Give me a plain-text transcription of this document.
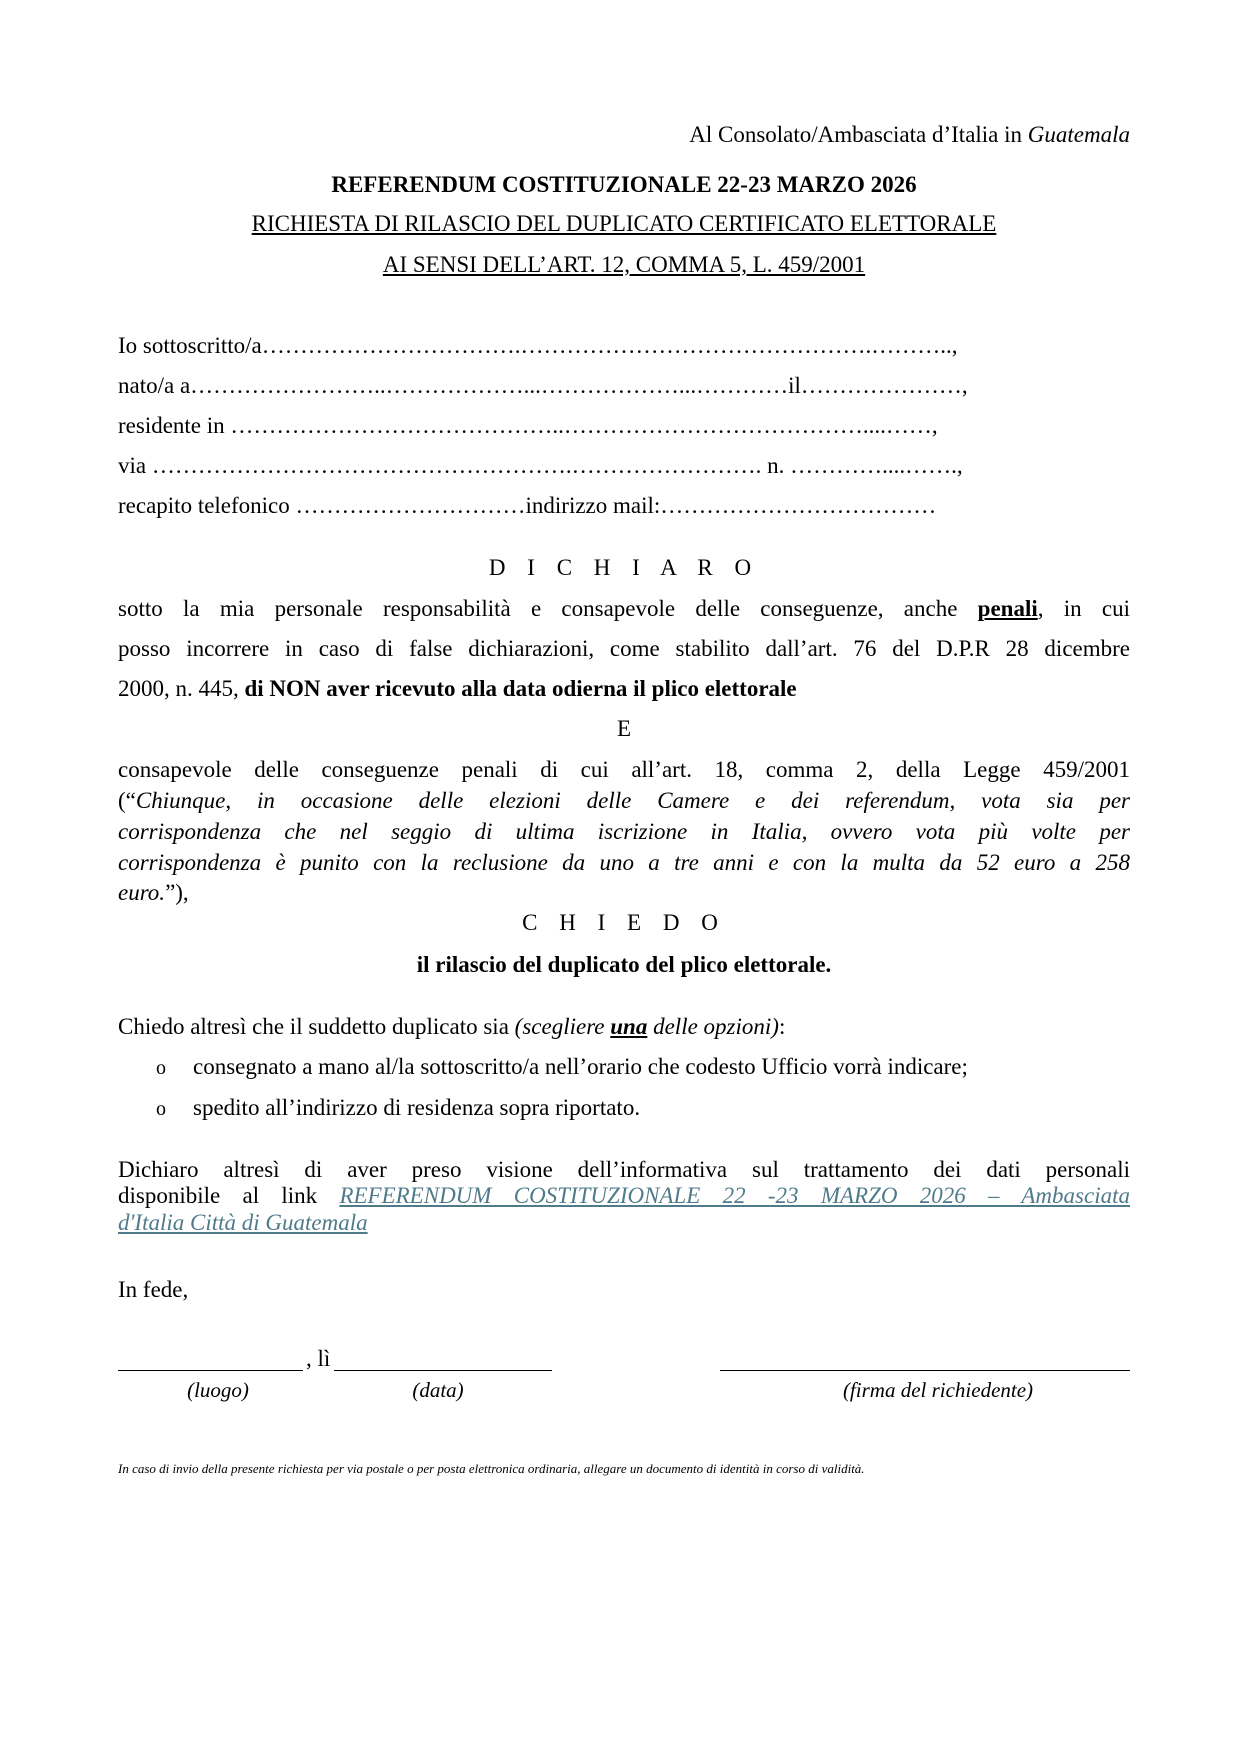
Al Consolato/Ambasciata d’Italia in Guatemala
REFERENDUM COSTITUZIONALE 22-23 MARZO 2026
RICHIESTA DI RILASCIO DEL DUPLICATO CERTIFICATO ELETTORALE
AI SENSI DELL’ART. 12, COMMA 5, L. 459/2001
Io sottoscritto/a…………………………….……………………………………….………..,
nato/a a……………………..………………...………………...…………il…………………,
residente in ……………………………………..…………………………………....……,
via ……………………………………………….……………………. n. …………....…….,
recapito telefonico …………………………indirizzo mail:………………………………
D I C H I A R O
sotto la mia personale responsabilità e consapevole delle conseguenze, anche penali, in cui
posso incorrere in caso di false dichiarazioni, come stabilito dall’art. 76 del D.P.R 28 dicembre
2000, n. 445, di NON aver ricevuto alla data odierna il plico elettorale
E
consapevole delle conseguenze penali di cui all’art. 18, comma 2, della Legge 459/2001
(“Chiunque, in occasione delle elezioni delle Camere e dei referendum, vota sia per
corrispondenza che nel seggio di ultima iscrizione in Italia, ovvero vota più volte per
corrispondenza è punito con la reclusione da uno a tre anni e con la multa da 52 euro a 258
euro.”),
C H I E D O
il rilascio del duplicato del plico elettorale.
Chiedo altresì che il suddetto duplicato sia (scegliere una delle opzioni):
o consegnato a mano al/la sottoscritto/a nell’orario che codesto Ufficio vorrà indicare;
o spedito all’indirizzo di residenza sopra riportato.
Dichiaro altresì di aver preso visione dell’informativa sul trattamento dei dati personali
disponibile al link REFERENDUM COSTITUZIONALE 22 -23 MARZO 2026 – Ambasciata
d'Italia Città di Guatemala
In fede,
, lì
(luogo)	(data)	(firma del richiedente)
In caso di invio della presente richiesta per via postale o per posta elettronica ordinaria, allegare un documento di identità in corso di validità.
